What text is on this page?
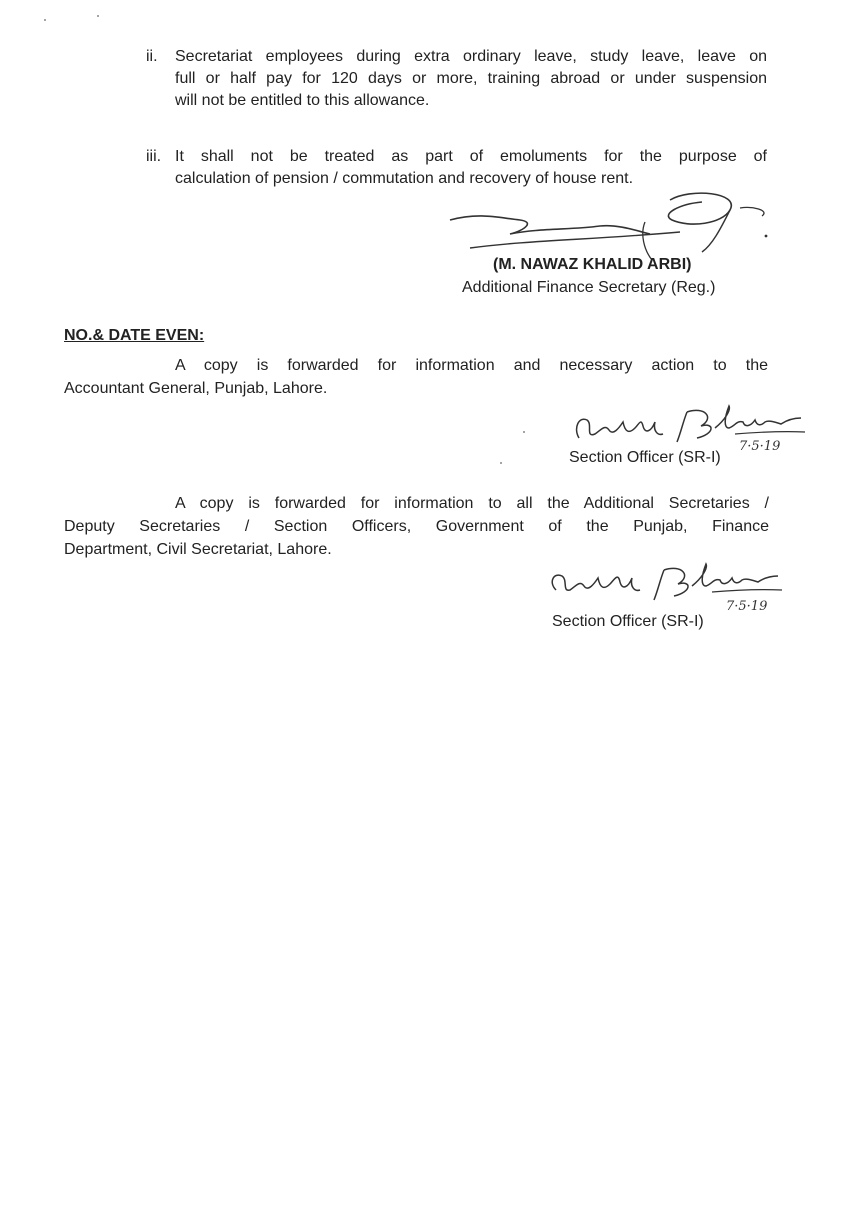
ii. Secretariat employees during extra ordinary leave, study leave, leave on
full or half pay for 120 days or more, training abroad or under suspension
will not be entitled to this allowance.
iii. It shall not be treated as part of emoluments for the purpose of
calculation of pension / commutation and recovery of house rent.
(M. NAWAZ KHALID ARBI)
Additional Finance Secretary (Reg.)
NO.& DATE EVEN:
A copy is forwarded for information and necessary action to the
Accountant General, Punjab, Lahore.
7·5·19
Section Officer (SR-I)
A copy is forwarded for information to all the Additional Secretaries /
Deputy Secretaries / Section Officers, Government of the Punjab, Finance
Department, Civil Secretariat, Lahore.
7·5·19
Section Officer (SR-I)
